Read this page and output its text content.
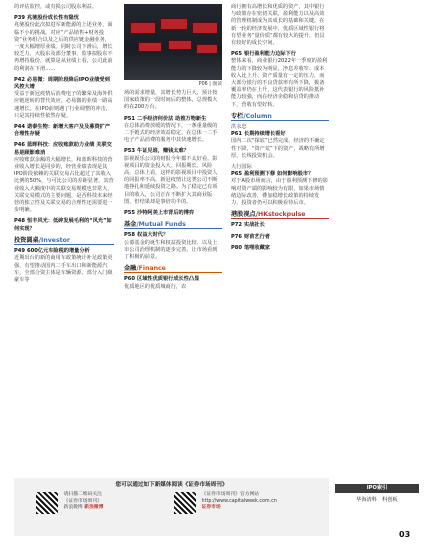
的评估监控，或有损公司股东利益。
P39 兆驰股份成长性有隐忧
兆驰股份此次拟进军新能源的上述业务，面临不小的挑战。对应“产品销售+财务投资”业务组合以及之后的供应链金融业务，一度大幅增厚业绩。同时公司下滑后，增长较乏力，大股东及部分董事、监事拟股东不再增持股份，就算是从业绩上看，公司此前的利润在下滑……
P42 必易微：周期阶段降后IPO业绩受到风控大增
受益于新冠疫情后消费电子的繁荣及海外供应链逆转的替代效应，必易微的业绩一路高速增长。在IPO前则遇了行业调整的冲击，只是其持续性依然存疑。
P44 诺泰生物：新增大客户及及募资扩产合理性存疑
P46 蓝晖科技：应收账款助力业绩 关联交易是顾影难消
应收账款余额的大幅增长，和蓝晖科技的营业收入增长是同步的，经营业绩表现是其IPO阶段依赖的关联交易占比超过了其收入比例的50%，与可比公司的差距显著。其营业收入大额度中的关联交易规模也非常大，关联交易模式的主要问题，是否科技未来经营的独立性及关联交易的合理性还需要进一步明确。
P48 恒丰风光：低碎发展毛利的“风光”如何实现？
投资圆桌/Investor
P49 600亿元车险税的增量分析
近期出台的新的商用车政策统计补足政策更强，有望推动国内二手车出口和新能源汽车，全部合资主体是车辆资源，部分入门级豪车等
P06 | 图读
场的需求增量，其增长势力巨大，预计按国家政策的一段时间后的整体，总规模大约在200万台。
P51 二手经济何价法 助推万物新生
在总体消费放缓的情况下，一条重量级的二手链式的经济效益稳定，在总体一二手电子产品消费的服务中其快速增长。
P53 牛证见谁，赚钱太难？
影视娱乐公司的财报今年都不太好看。影视项目的资金投入大、回报期长、风险高，总体上看，这样的影视项目中投资人的回报率不高，新冠疫情让这类公司不断地挣扎和延续投资之路。为了稳定已有项目的收入，公司正在不断扩大其商业版图，但结果却是事倍功半的。
P55 沙特阿美上市背后的博弈
基金/Mutual Funds
P58 权益大时代？
公募基金的诞生和权益投资比较、以及上市公司治理机制的逐步完善，让市场看到了积极的前景。
金融/Finance
P60 区域性优质银行成长性凸显
优质地区的优质城商行，农
商行拥有高增长和优质的资产，其中银行与政策存在密切关联，盈利能力以及高效的管理机制成为其成长的基础和关键。在新一轮的经济发展中，优质区域性银行将有望业务“量价质”都有较大的提升，仍具有较好的成长空间。
P65 银行盈利能力边际下行
整体来看，商业银行2022年一季度的盈利能力的下降较为明显，净息差收窄、成本收入比上升、资产质量有一定的压力，而大部分银行的不良贷款率有所下降，拨备覆盖率仍在上升，这代表银行的风险抵补能力较强，而在经济企稳和信贷的推动下，营收有望好转。
专栏/Column
洪永忠
P61 长期持续增长看好
国内二次“探底”已然完成，经济的不确定性下降，“资产荒”下的资产，战略有所增厚，长线投资机会。
大行国际
P65 盈利预测下修 如何影响股市？
对于A股市场而言，由于盈利预测下修的影响对资产端的影响较为有限，如果市场情绪边际改善，叠加稳增长政策的持续发力，投资者仍可以积极看待后市。
港股视点/HKstockpulse
P72 实战社长
P76 财苗艺行者
P80 笔哩收藏家
您可以通过如下新媒体阅读《证券市场周刊》
请扫描二维码关注
《证券市场周刊》
新浪微博 新浪微博
《证券市场周刊》官方网站
http://www.capitalweek.com.cn
证券市场
IPO索引
华海清科　科创板
03
